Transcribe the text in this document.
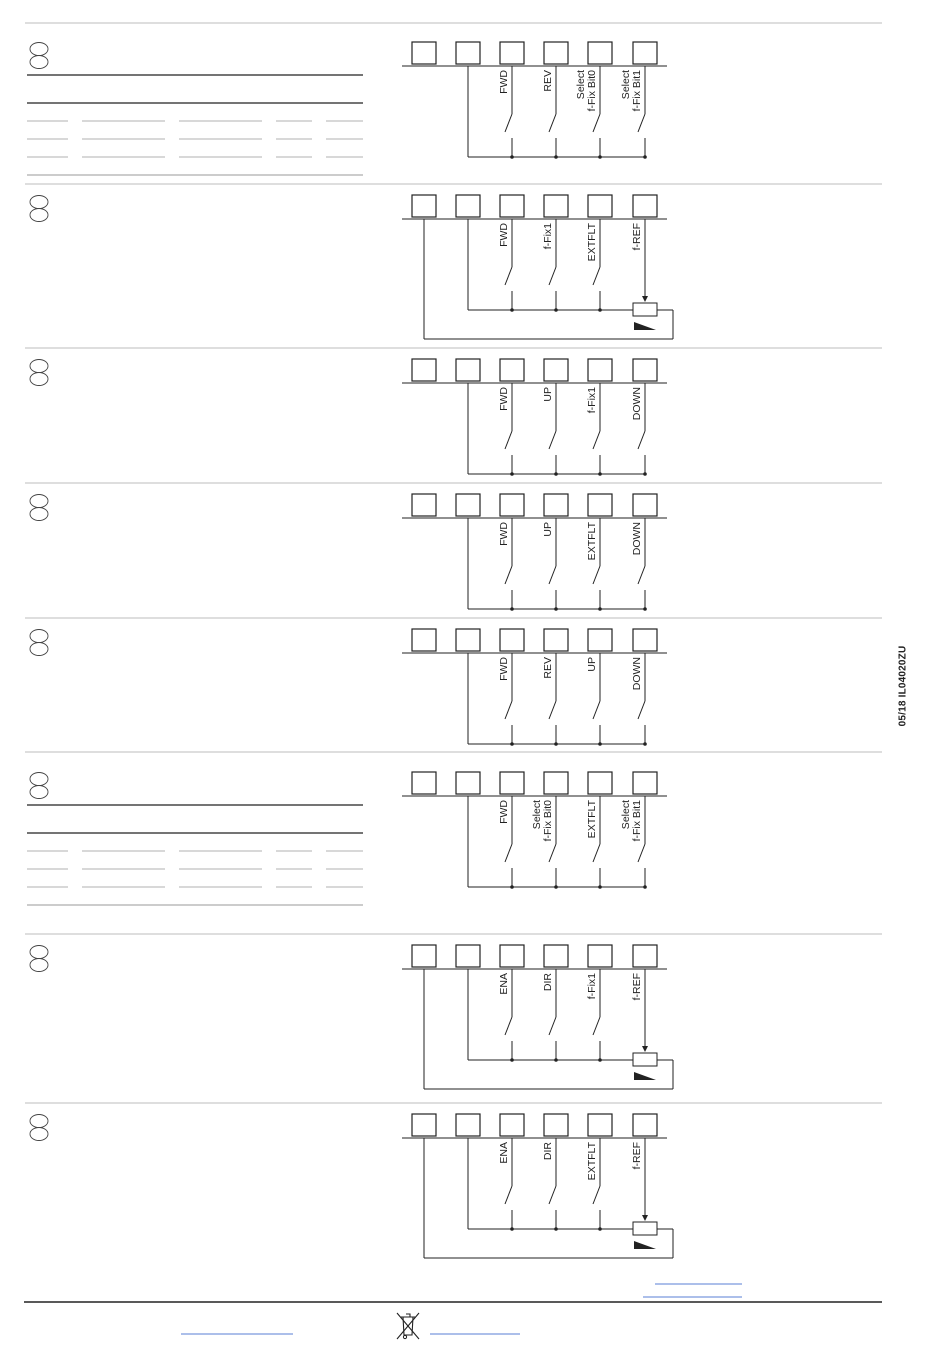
FWD	REV Select f-Fix Bit0 Select f-Fix Bit1
FWD	f-Fix1	EXTFLT	f-REF
FWD	UP	f-Fix1	DOWN
FWD	UP	EXTFLT	DOWN
FWD	REV	UP	DOWN
FWD Select f-Fix Bit0	EXTFLT Select f-Fix Bit1
ENA	DIR	f-Fix1	f-REF
ENA	DIR	EXTFLT	f-REF
05/18 IL04020ZU
